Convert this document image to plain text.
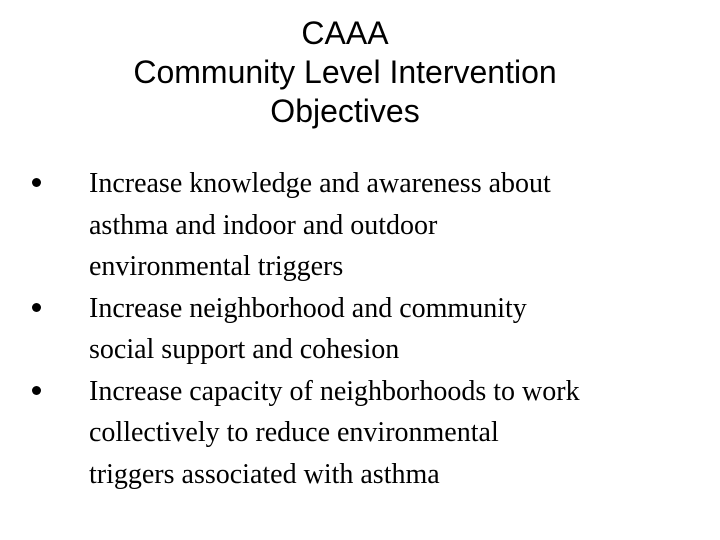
CAAA
Community Level Intervention
Objectives
Increase knowledge and awareness about
asthma and indoor and outdoor
environmental triggers
Increase neighborhood and community
social support and cohesion
Increase capacity of neighborhoods to work
collectively to reduce environmental
triggers associated with asthma
